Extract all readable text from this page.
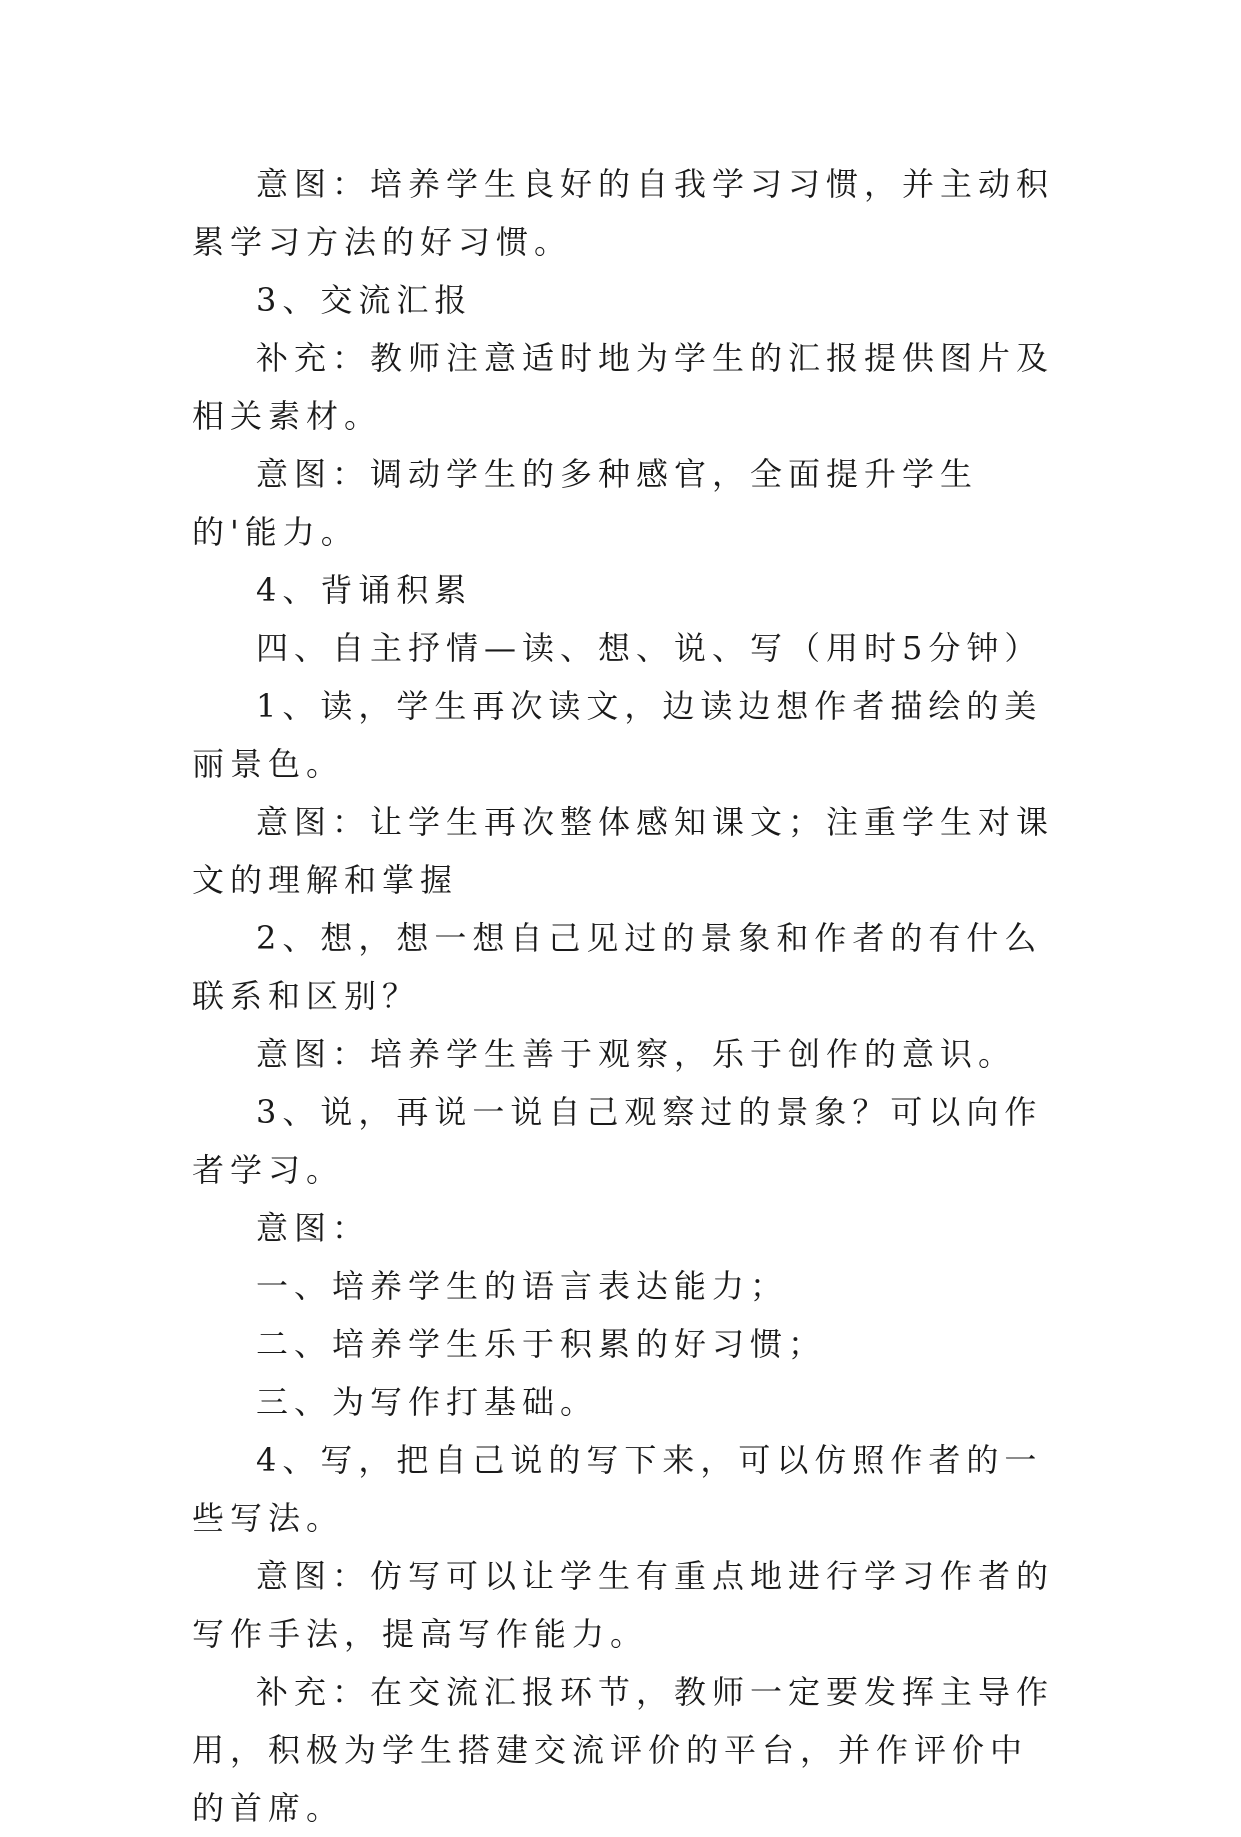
意图：培养学生良好的自我学习习惯，并主动积累学习方法的好习惯。

3、交流汇报

补充：教师注意适时地为学生的汇报提供图片及相关素材。

意图：调动学生的多种感官，全面提升学生的'能力。

4、背诵积累

四、自主抒情—读、想、说、写（用时5分钟）

1、读，学生再次读文，边读边想作者描绘的美丽景色。

意图：让学生再次整体感知课文；注重学生对课文的理解和掌握

2、想，想一想自己见过的景象和作者的有什么联系和区别？

意图：培养学生善于观察，乐于创作的意识。

3、说，再说一说自己观察过的景象？可以向作者学习。

意图：

一、培养学生的语言表达能力；

二、培养学生乐于积累的好习惯；

三、为写作打基础。

4、写，把自己说的写下来，可以仿照作者的一些写法。

意图：仿写可以让学生有重点地进行学习作者的写作手法，提高写作能力。

补充：在交流汇报环节，教师一定要发挥主导作用，积极为学生搭建交流评价的平台，并作评价中的首席。
